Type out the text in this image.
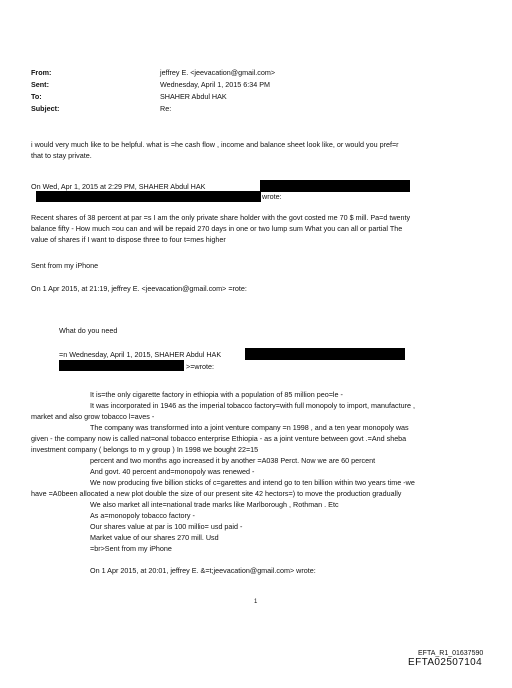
From:	jeffrey E. <jeevacation@gmail.com>
Sent:	Wednesday, April 1, 2015 6:34 PM
To:	SHAHER Abdul HAK
Subject:	Re:
i would very much like to be helpful. what is =he cash flow , income and balance sheet look like, or would you pref=r
that to stay private.
On Wed, Apr 1, 2015 at 2:29 PM, SHAHER Abdul HAK
wrote:
Recent shares of 38 percent at par =s I am the only private share holder with the govt costed me 70 $ mill. Pa=d twenty
balance fifty - How much =ou can and will be repaid 270 days in one or two lump sum What you can all or partial The
value of shares if I want to dispose three to four t=mes higher
Sent from my iPhone
On 1 Apr 2015, at 21:19, jeffrey E. <jeevacation@gmail.com> =rote:
What do you need
=n Wednesday, April 1, 2015, SHAHER Abdul HAK
>=wrote:
It is=the only cigarette factory in ethiopia with a population of 85 million peo=le -
It was incorporated in 1946 as the imperial tobacco factory=with full monopoly to import, manufacture ,
market and also grow tobacco l=aves -
The company was transformed into a joint venture company =n 1998 , and a ten year monopoly was
given - the company now is called nat=onal tobacco enterprise Ethiopia - as a joint venture between govt .=And sheba
investment company ( belongs to m y group ) In 1998 we bought 22=15
percent and two months ago increased it by another =A038 Perct. Now we are 60 percent
And govt. 40 percent and=monopoly was renewed -
We now producing five billion sticks of c=garettes and intend go to ten billion within two years time -we
have =A0been allocated a new plot double the size of our present site 42 hectors=) to move the production gradually
We also market all inte=national trade marks like Marlborough , Rothman . Etc
As a=monopoly tobacco factory -
Our shares value at par is 100 millio= usd paid -
Market value of our shares 270 mill. Usd
=br>Sent from my iPhone
On 1 Apr 2015, at 20:01, jeffrey E. &=t;jeevacation@gmail.com> wrote:
1
EFTA_R1_01637590
EFTA02507104
